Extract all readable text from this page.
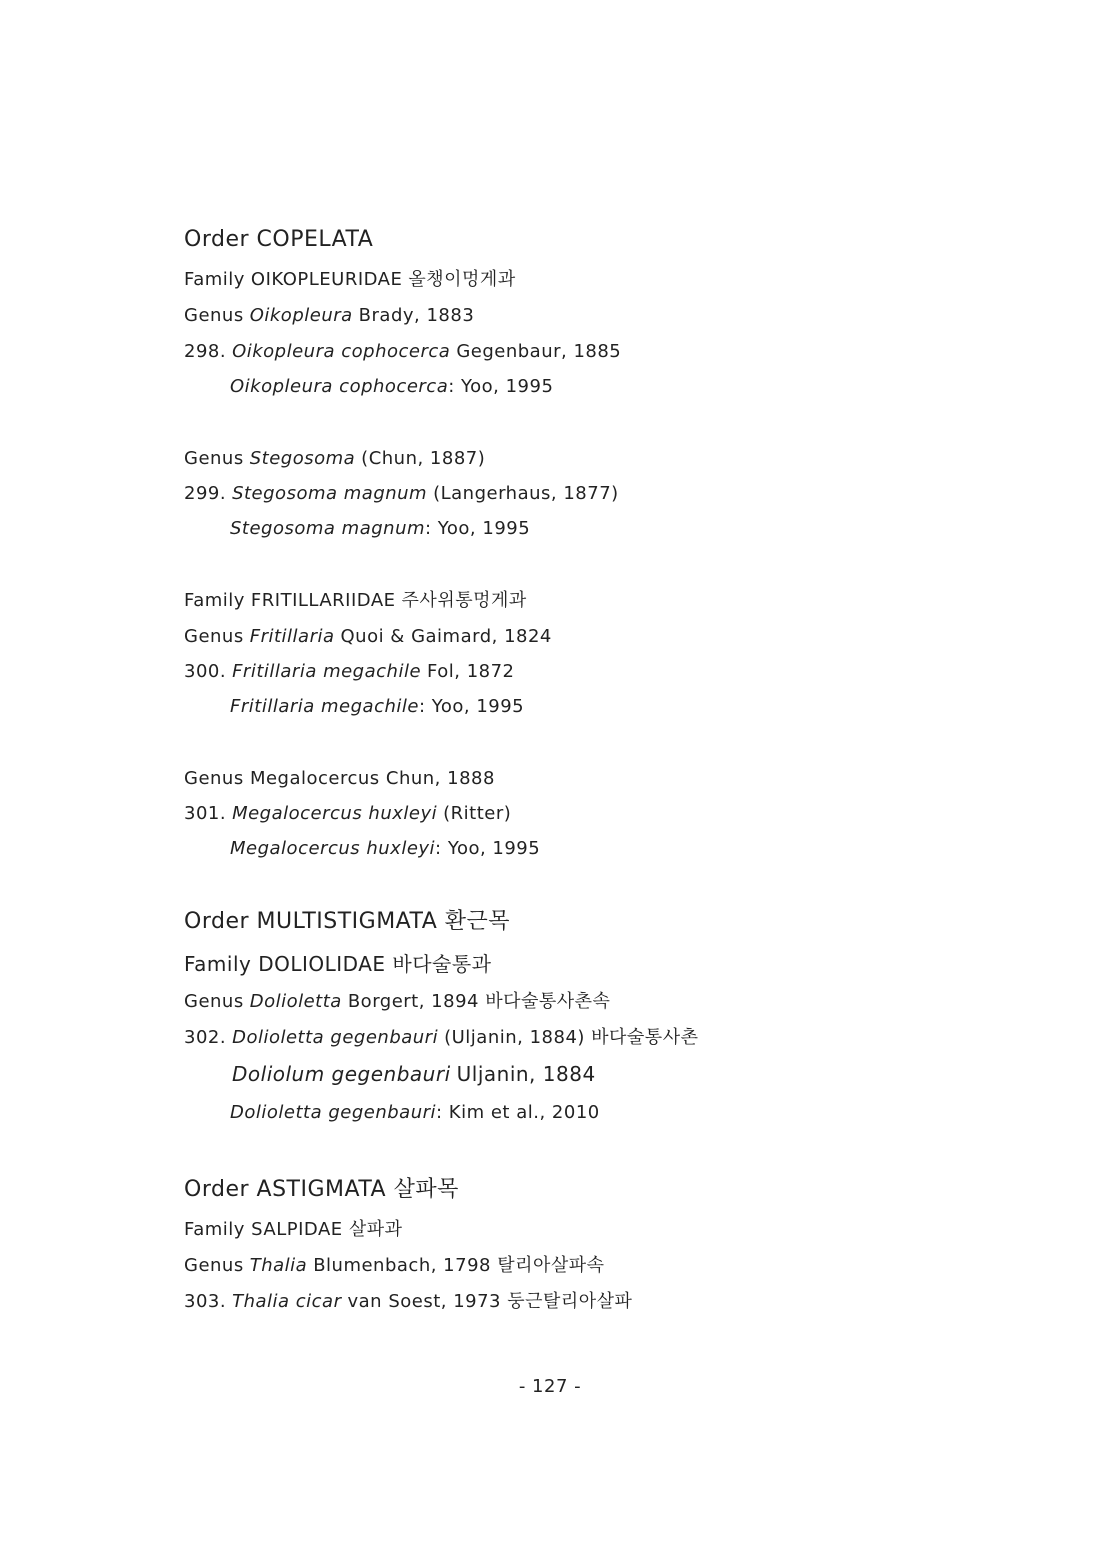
Order COPELATA
Family OIKOPLEURIDAE 올챙이멍게과
Genus Oikopleura Brady, 1883
298. Oikopleura cophocerca Gegenbaur, 1885
Oikopleura cophocerca: Yoo, 1995
Genus Stegosoma (Chun, 1887)
299. Stegosoma magnum (Langerhaus, 1877)
Stegosoma magnum: Yoo, 1995
Family FRITILLARIIDAE 주사위통멍게과
Genus Fritillaria Quoi & Gaimard, 1824
300. Fritillaria megachile Fol, 1872
Fritillaria megachile: Yoo, 1995
Genus Megalocercus Chun, 1888
301. Megalocercus huxleyi (Ritter)
Megalocercus huxleyi: Yoo, 1995
Order MULTISTIGMATA 환근목
Family DOLIOLIDAE 바다술통과
Genus Dolioletta Borgert, 1894 바다술통사촌속
302. Dolioletta gegenbauri (Uljanin, 1884) 바다술통사촌
Doliolum gegenbauri Uljanin, 1884
Dolioletta gegenbauri: Kim et al., 2010
Order ASTIGMATA 살파목
Family SALPIDAE 살파과
Genus Thalia Blumenbach, 1798 탈리아살파속
303. Thalia cicar van Soest, 1973 둥근탈리아살파
- 127 -
